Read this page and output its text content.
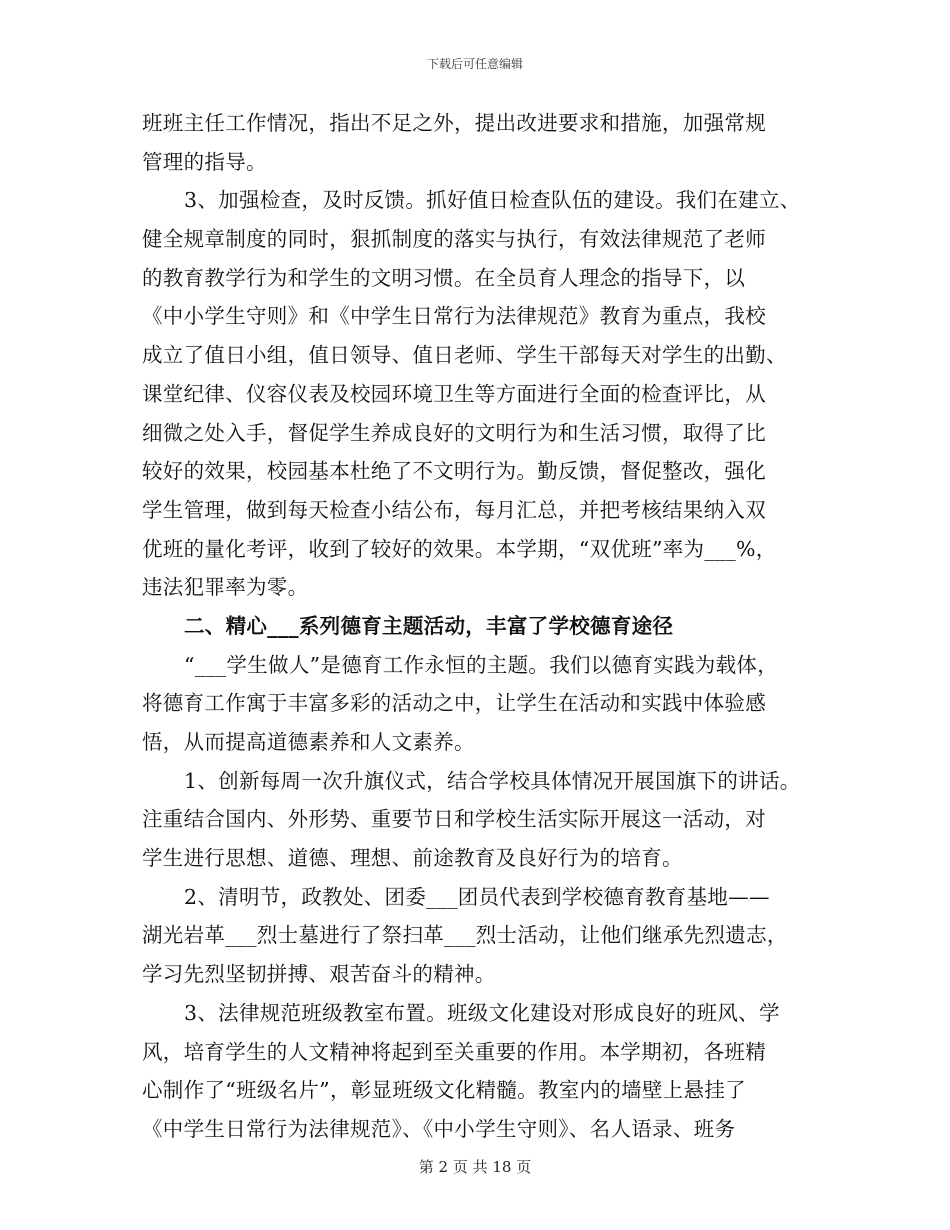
下载后可任意编辑
班班主任工作情况，指出不足之外，提出改进要求和措施，加强常规
管理的指导。
3、加强检查，及时反馈。抓好值日检查队伍的建设。我们在建立、
健全规章制度的同时，狠抓制度的落实与执行，有效法律规范了老师
的教育教学行为和学生的文明习惯。在全员育人理念的指导下，以
《中小学生守则》和《中学生日常行为法律规范》教育为重点，我校
成立了值日小组，值日领导、值日老师、学生干部每天对学生的出勤、
课堂纪律、仪容仪表及校园环境卫生等方面进行全面的检查评比，从
细微之处入手，督促学生养成良好的文明行为和生活习惯，取得了比
较好的效果，校园基本杜绝了不文明行为。勤反馈，督促整改，强化
学生管理，做到每天检查小结公布，每月汇总，并把考核结果纳入双
优班的量化考评，收到了较好的效果。本学期，“双优班”率为___%，
违法犯罪率为零。
二、精心___系列德育主题活动，丰富了学校德育途径
“___学生做人”是德育工作永恒的主题。我们以德育实践为载体，
将德育工作寓于丰富多彩的活动之中，让学生在活动和实践中体验感
悟，从而提高道德素养和人文素养。
1、创新每周一次升旗仪式，结合学校具体情况开展国旗下的讲话。
注重结合国内、外形势、重要节日和学校生活实际开展这一活动，对
学生进行思想、道德、理想、前途教育及良好行为的培育。
2、清明节，政教处、团委___团员代表到学校德育教育基地——
湖光岩革___烈士墓进行了祭扫革___烈士活动，让他们继承先烈遗志，
学习先烈坚韧拼搏、艰苦奋斗的精神。
3、法律规范班级教室布置。班级文化建设对形成良好的班风、学
风，培育学生的人文精神将起到至关重要的作用。本学期初，各班精
心制作了“班级名片”，彰显班级文化精髓。教室内的墙壁上悬挂了
《中学生日常行为法律规范》、《中小学生守则》、名人语录、班务
第 2 页 共 18 页
